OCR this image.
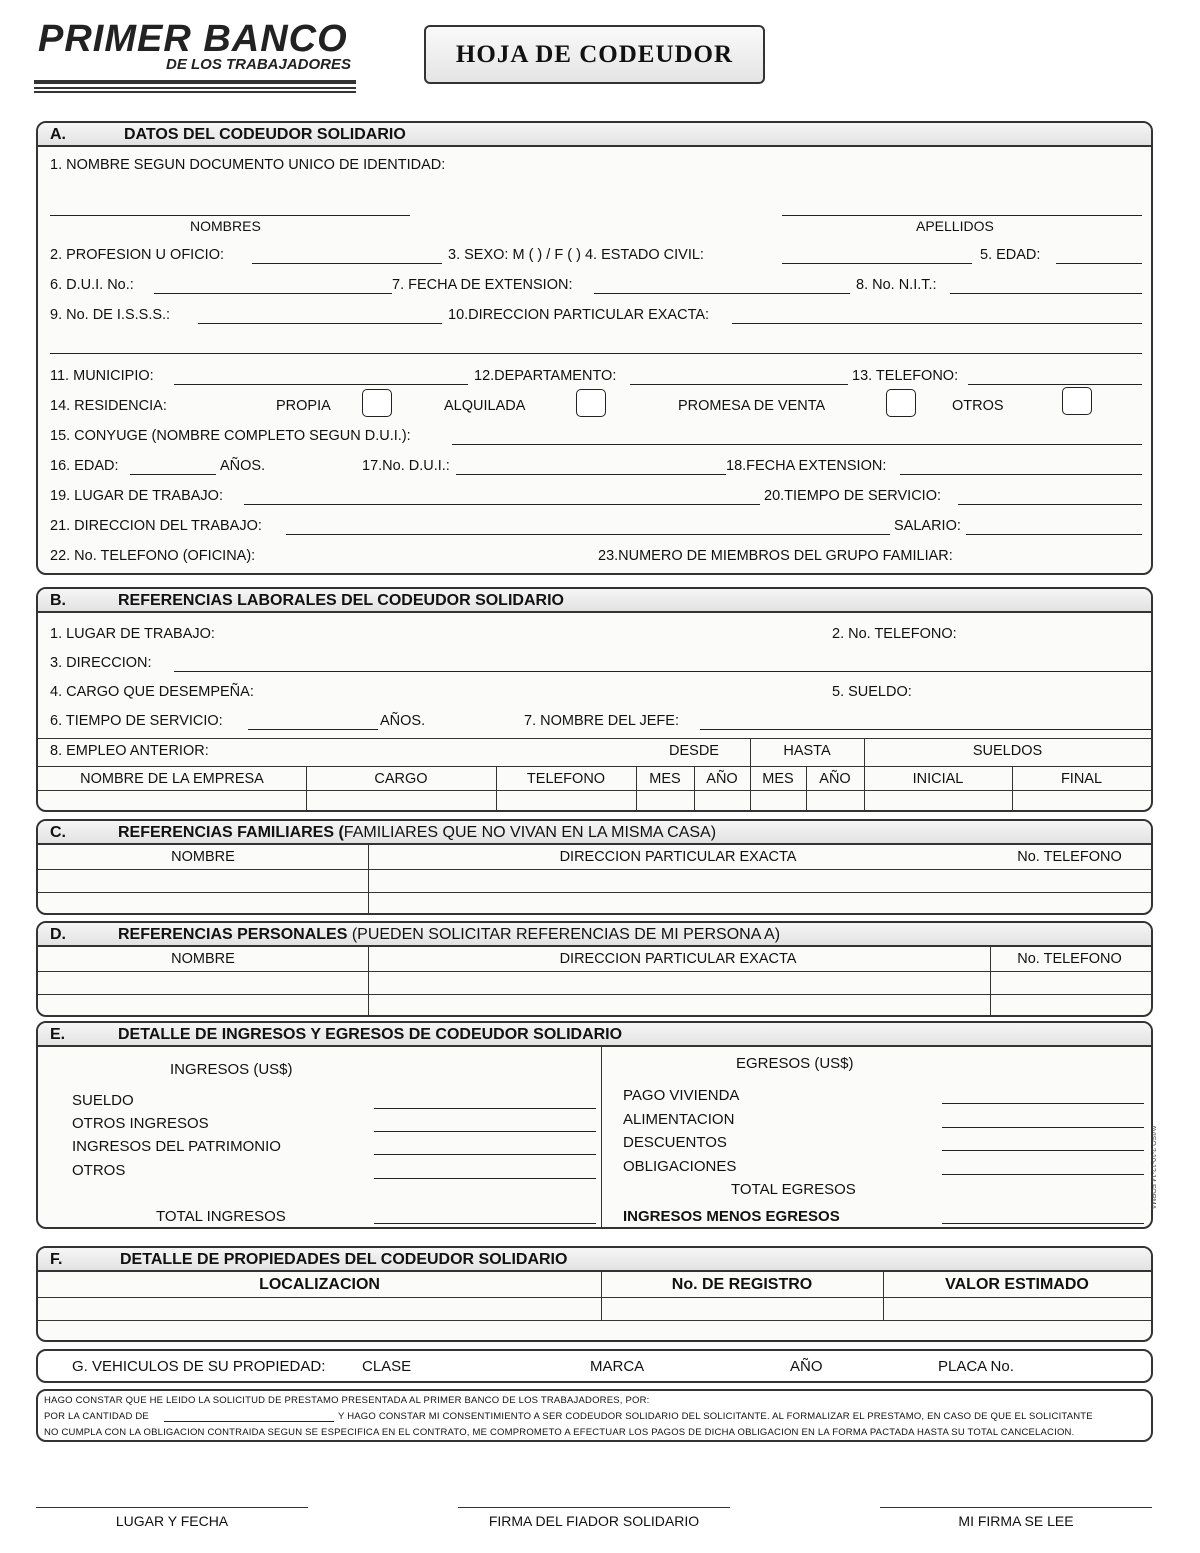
PRIMER BANCO
DE LOS TRABAJADORES	HOJA DE CODEUDOR
A.	DATOS DEL CODEUDOR SOLIDARIO
1. NOMBRE SEGUN DOCUMENTO UNICO DE IDENTIDAD:
NOMBRES	APELLIDOS
2. PROFESION U OFICIO:	3. SEXO: M ( ) / F ( ) 4. ESTADO CIVIL:	5. EDAD:
6. D.U.I. No.:	7. FECHA DE EXTENSION:	8. No. N.I.T.:
9. No. DE I.S.S.S.:	10.DIRECCION PARTICULAR EXACTA:
11. MUNICIPIO:	12.DEPARTAMENTO:	13. TELEFONO:
14. RESIDENCIA:	PROPIA	ALQUILADA	PROMESA DE VENTA	OTROS
15. CONYUGE (NOMBRE COMPLETO SEGUN D.U.I.):
16. EDAD:	AÑOS.	17.No. D.U.I.:	18.FECHA EXTENSION:
19. LUGAR DE TRABAJO:	20.TIEMPO DE SERVICIO:
21. DIRECCION DEL TRABAJO:	SALARIO:
22. No. TELEFONO (OFICINA):	23.NUMERO DE MIEMBROS DEL GRUPO FAMILIAR:
B.	REFERENCIAS LABORALES DEL CODEUDOR SOLIDARIO
1. LUGAR DE TRABAJO:	2. No. TELEFONO:
3. DIRECCION:
4. CARGO QUE DESEMPEÑA:	5. SUELDO:
6. TIEMPO DE SERVICIO:	AÑOS.	7. NOMBRE DEL JEFE:
8. EMPLEO ANTERIOR:	DESDE	HASTA	SUELDOS
NOMBRE DE LA EMPRESA	CARGO	TELEFONO	MES	AÑO	MES	AÑO	INICIAL	FINAL
C.	REFERENCIAS FAMILIARES (FAMILIARES QUE NO VIVAN EN LA MISMA CASA)
NOMBRE	DIRECCION PARTICULAR EXACTA	No. TELEFONO
D.	REFERENCIAS PERSONALES (PUEDEN SOLICITAR REFERENCIAS DE MI PERSONA A)
NOMBRE	DIRECCION PARTICULAR EXACTA	No. TELEFONO
E.	DETALLE DE INGRESOS Y EGRESOS DE CODEUDOR SOLIDARIO
INGRESOS (US$)
SUELDO
OTROS INGRESOS
INGRESOS DEL PATRIMONIO
OTROS
TOTAL INGRESOS
EGRESOS (US$)
PAGO VIVIENDA
ALIMENTACION
DESCUENTOS
OBLIGACIONES
TOTAL EGRESOS
INGRESOS MENOS EGRESOS
F.	DETALLE DE PROPIEDADES DEL CODEUDOR SOLIDARIO
LOCALIZACION	No. DE REGISTRO	VALOR ESTIMADO
G. VEHICULOS DE SU PROPIEDAD: CLASE	MARCA	AÑO	PLACA No.
HAGO CONSTAR QUE HE LEIDO LA SOLICITUD DE PRESTAMO PRESENTADA AL PRIMER BANCO DE LOS TRABAJADORES, POR:
POR LA CANTIDAD DE	Y HAGO CONSTAR MI CONSENTIMIENTO A SER CODEUDOR SOLIDARIO DEL SOLICITANTE. AL FORMALIZAR EL PRESTAMO, EN CASO DE QUE EL SOLICITANTE
NO CUMPLA CON LA OBLIGACION CONTRAIDA SEGUN SE ESPECIFICA EN EL CONTRATO, ME COMPROMETO A EFECTUAR LOS PAGOS DE DICHA OBLIGACION EN LA FORMA PACTADA HASTA SU TOTAL CANCELACION.
LUGAR Y FECHA	FIRMA DEL FIADOR SOLIDARIO	MI FIRMA SE LEE
AVISO 2-10-12-14 FORMA
